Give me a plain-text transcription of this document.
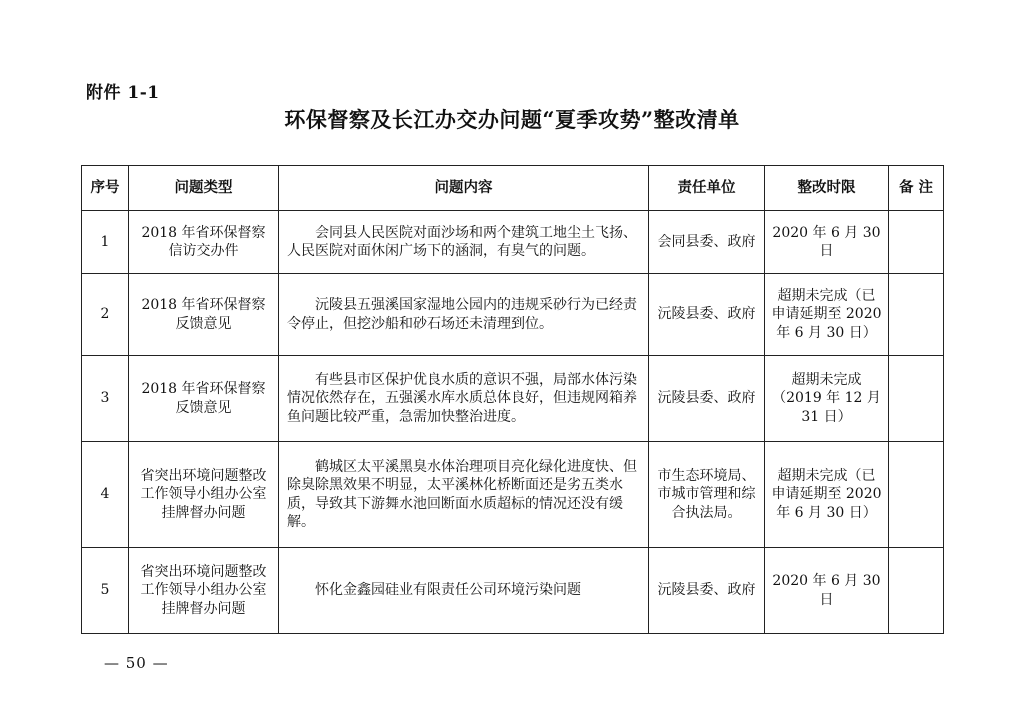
附件 1-1
环保督察及长江办交办问题“夏季攻势”整改清单
序号	问题类型	问题内容	责任单位	整改时限	备 注
1	2018 年省环保督察信访交办件	会同县人民医院对面沙场和两个建筑工地尘土飞扬、人民医院对面休闲广场下的涵洞，有臭气的问题。	会同县委、政府	2020 年 6 月 30 日	
2	2018 年省环保督察反馈意见	沅陵县五强溪国家湿地公园内的违规采砂行为已经责令停止，但挖沙船和砂石场还未清理到位。	沅陵县委、政府	超期未完成（已申请延期至 2020 年 6 月 30 日）	
3	2018 年省环保督察反馈意见	有些县市区保护优良水质的意识不强，局部水体污染情况依然存在，五强溪水库水质总体良好，但违规网箱养鱼问题比较严重，急需加快整治进度。	沅陵县委、政府	超期未完成（2019 年 12 月 31 日）	
4	省突出环境问题整改工作领导小组办公室挂牌督办问题	鹤城区太平溪黑臭水体治理项目亮化绿化进度快、但除臭除黑效果不明显，太平溪林化桥断面还是劣五类水质，导致其下游舞水池回断面水质超标的情况还没有缓解。	市生态环境局、市城市管理和综合执法局。	超期未完成（已申请延期至 2020 年 6 月 30 日）	
5	省突出环境问题整改工作领导小组办公室挂牌督办问题	怀化金鑫园硅业有限责任公司环境污染问题	沅陵县委、政府	2020 年 6 月 30 日	
— 50 —
